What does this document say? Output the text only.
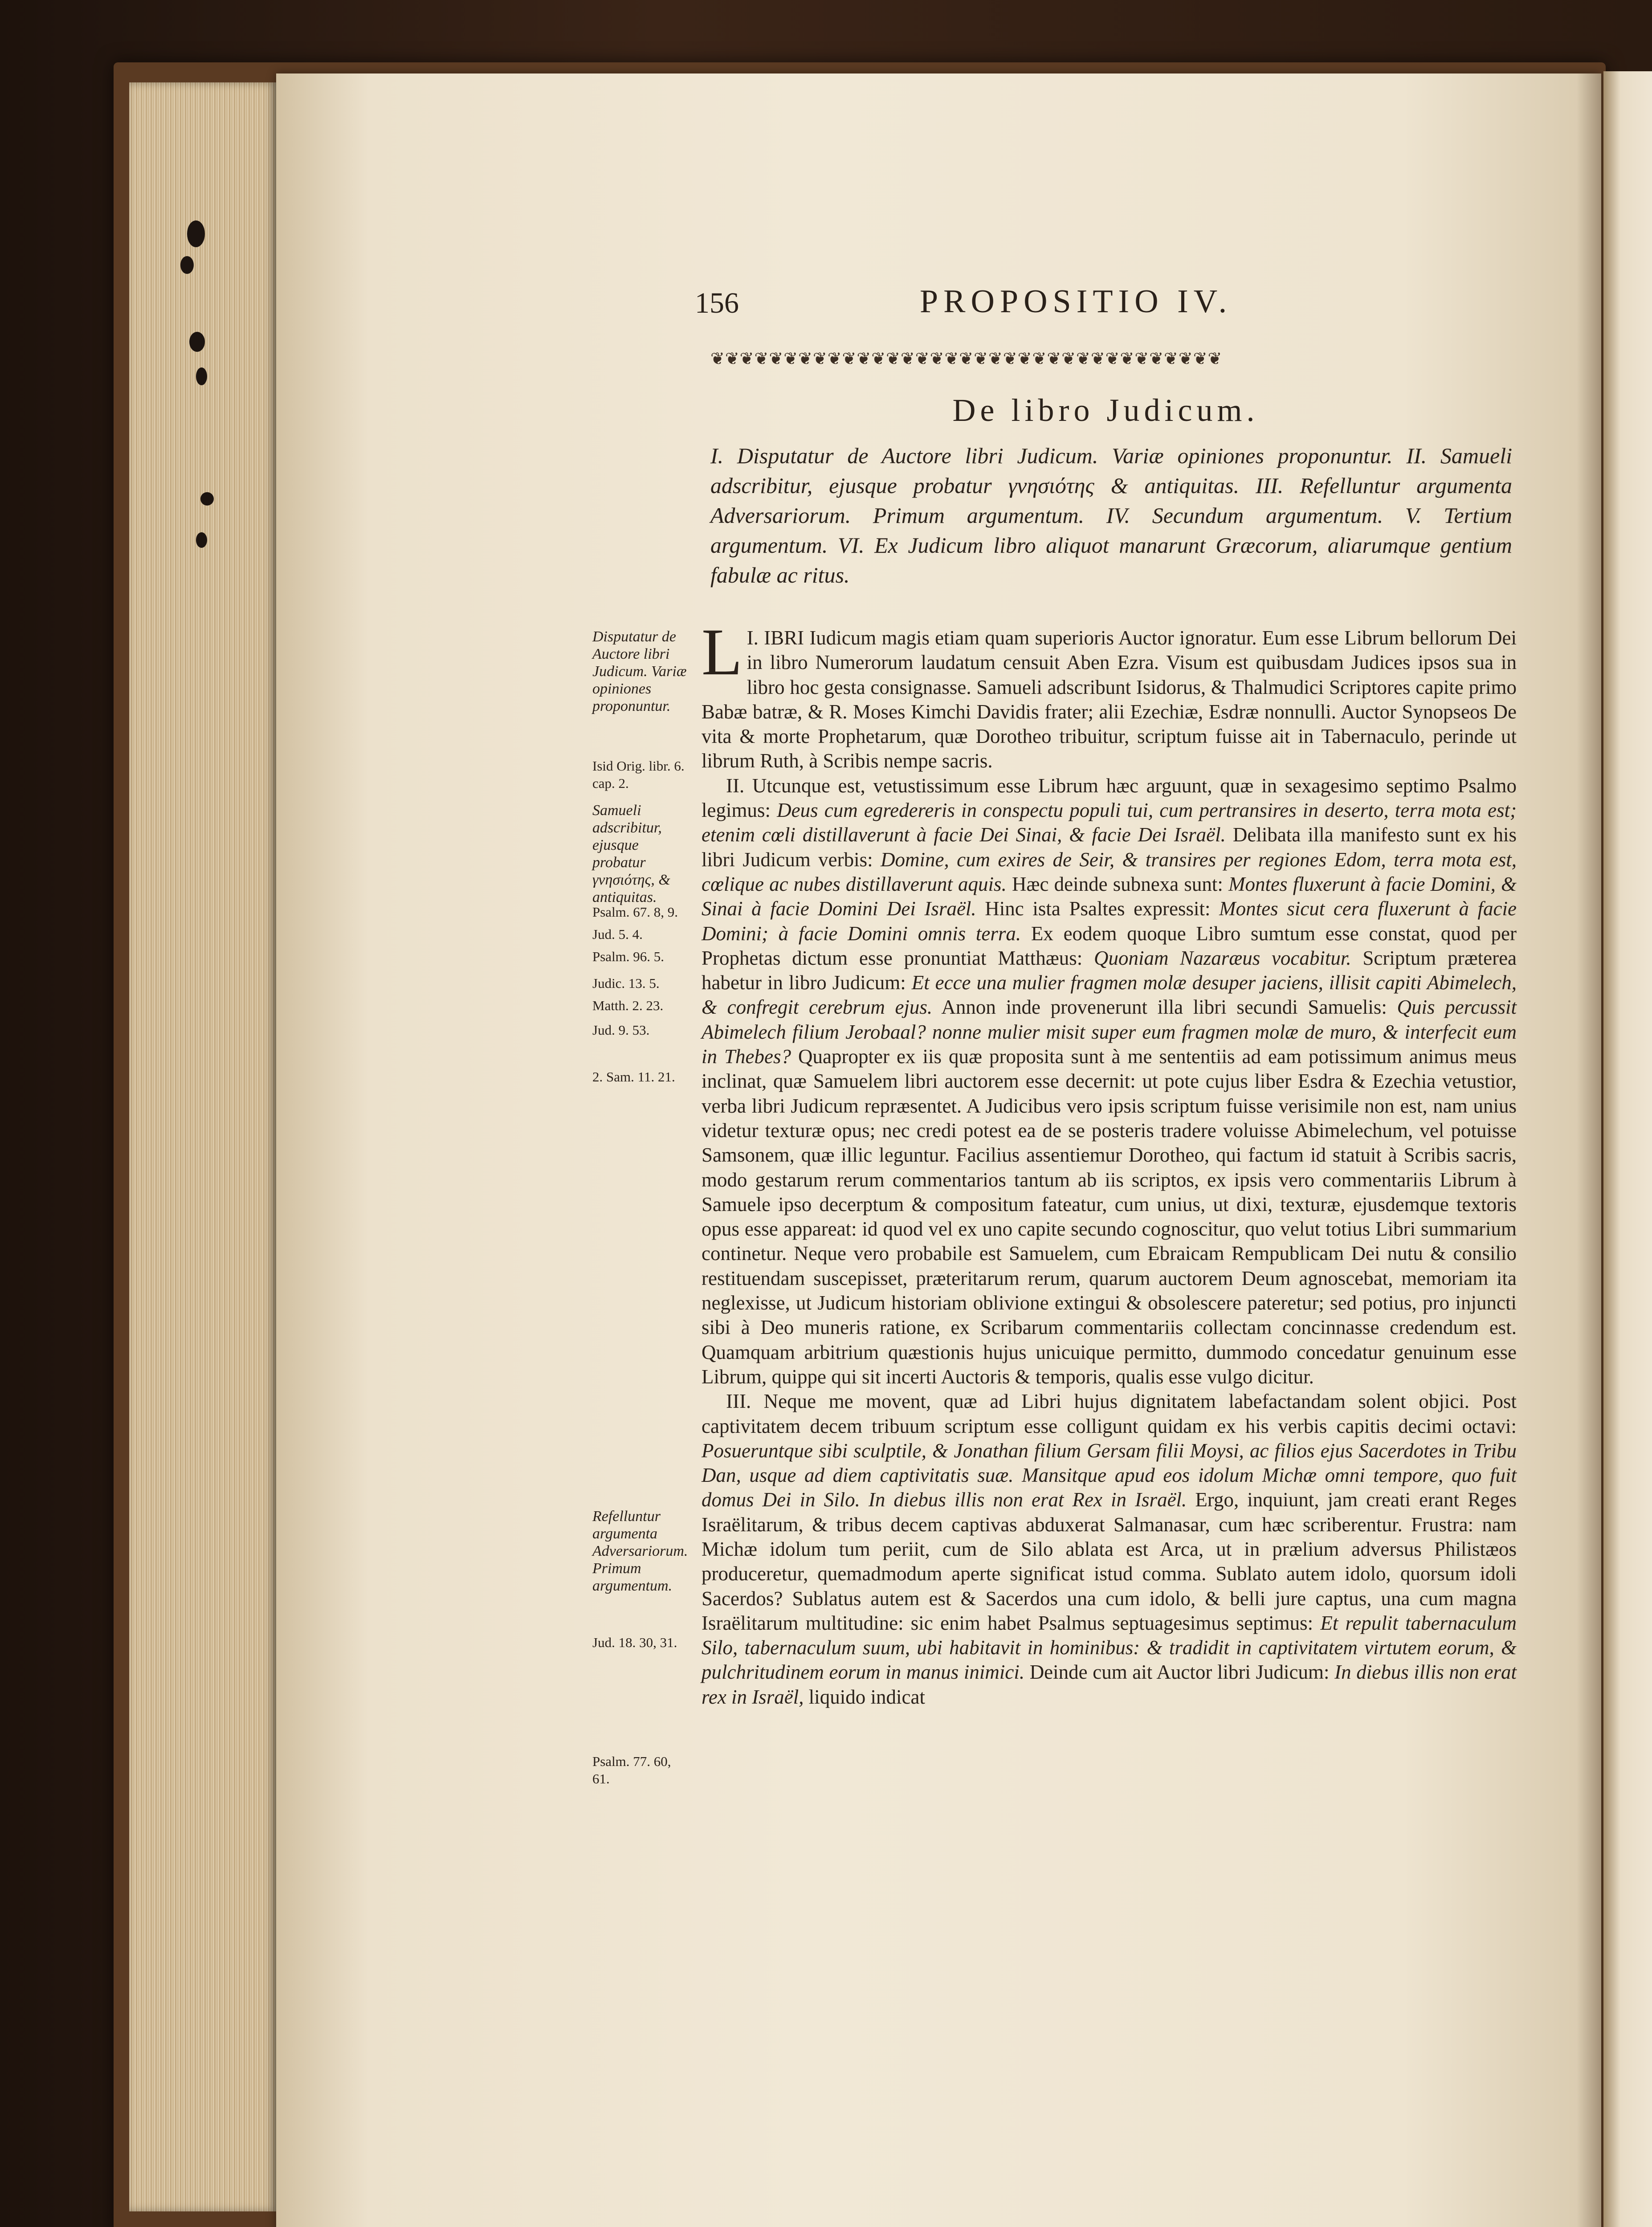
156	PROPOSITIO IV.
❦❦❦❦❦❦❦❦❦❦❦❦❦❦❦❦❦❦❦❦❦❦❦❦❦❦❦❦❦❦❦❦❦❦❦
De libro Judicum.
I. Disputatur de Auctore libri Judicum. Variæ opiniones proponuntur. II. Samueli adscribitur, ejusque probatur γνησιότης & antiquitas. III. Refelluntur argumenta Adversariorum. Primum argumentum. IV. Secundum argumentum. V. Tertium argumentum. VI. Ex Judicum libro aliquot manarunt Græcorum, aliarumque gentium fabulæ ac ritus.

I.
L IBRI Iudicum magis etiam quam superioris Auctor ignoratur. Eum esse Librum bellorum Dei in libro Numerorum laudatum censuit Aben Ezra. Visum est quibusdam Judices ipsos sua in libro hoc gesta consignasse. Samueli adscribunt Isidorus, & Thalmudici Scriptores capite primo Babæ batræ, & R. Moses Kimchi Davidis frater; alii Ezechiæ, Esdræ nonnulli. Auctor Synopseos De vita & morte Prophetarum, quæ Dorotheo tribuitur, scriptum fuisse ait in Tabernaculo, perinde ut librum Ruth, à Scribis nempe sacris.

II. Utcunque est, vetustissimum esse Librum hæc arguunt, quæ in sexagesimo septimo Psalmo legimus: Deus cum egredereris in conspectu populi tui, cum pertransires in deserto, terra mota est; etenim cœli distillaverunt à facie Dei Sinai, & facie Dei Israël. Delibata illa manifesto sunt ex his libri Judicum verbis: Domine, cum exires de Seir, & transires per regiones Edom, terra mota est, cœlique ac nubes distillaverunt aquis. Hæc deinde subnexa sunt: Montes fluxerunt à facie Domini, & Sinai à facie Domini Dei Israël. Hinc ista Psaltes expressit: Montes sicut cera fluxerunt à facie Domini; à facie Domini omnis terra. Ex eodem quoque Libro sumtum esse constat, quod per Prophetas dictum esse pronuntiat Matthæus: Quoniam Nazaræus vocabitur. Scriptum præterea habetur in libro Judicum: Et ecce una mulier fragmen molæ desuper jaciens, illisit capiti Abimelech, & confregit cerebrum ejus. Annon inde provenerunt illa libri secundi Samuelis: Quis percussit Abimelech filium Jerobaal? nonne mulier misit super eum fragmen molæ de muro, & interfecit eum in Thebes? Quapropter ex iis quæ proposita sunt à me sententiis ad eam potissimum animus meus inclinat, quæ Samuelem libri auctorem esse decernit: ut pote cujus liber Esdra & Ezechia vetustior, verba libri Judicum repræsentet. A Judicibus vero ipsis scriptum fuisse verisimile non est, nam unius videtur texturæ opus; nec credi potest ea de se posteris tradere voluisse Abimelechum, vel potuisse Samsonem, quæ illic leguntur. Facilius assentiemur Dorotheo, qui factum id statuit à Scribis sacris, modo gestarum rerum commentarios tantum ab iis scriptos, ex ipsis vero commentariis Librum à Samuele ipso decerptum & compositum fateatur, cum unius, ut dixi, texturæ, ejusdemque textoris opus esse appareat: id quod vel ex uno capite secundo cognoscitur, quo velut totius Libri summarium continetur. Neque vero probabile est Samuelem, cum Ebraicam Rempublicam Dei nutu & consilio restituendam suscepisset, præteritarum rerum, quarum auctorem Deum agnoscebat, memoriam ita neglexisse, ut Judicum historiam oblivione extingui & obsolescere pateretur; sed potius, pro injuncti sibi à Deo muneris ratione, ex Scribarum commentariis collectam concinnasse credendum est. Quamquam arbitrium quæstionis hujus unicuique permitto, dummodo concedatur genuinum esse Librum, quippe qui sit incerti Auctoris & temporis, qualis esse vulgo dicitur.

III. Neque me movent, quæ ad Libri hujus dignitatem labefactandam solent objici. Post captivitatem decem tribuum scriptum esse colligunt quidam ex his verbis capitis decimi octavi: Posueruntque sibi sculptile, & Jonathan filium Gersam filii Moysi, ac filios ejus Sacerdotes in Tribu Dan, usque ad diem captivitatis suæ. Mansitque apud eos idolum Michæ omni tempore, quo fuit domus Dei in Silo. In diebus illis non erat Rex in Israël. Ergo, inquiunt, jam creati erant Reges Israëlitarum, & tribus decem captivas abduxerat Salmanasar, cum hæc scriberentur. Frustra: nam Michæ idolum tum periit, cum de Silo ablata est Arca, ut in prælium adversus Philistæos produceretur, quemadmodum aperte significat istud comma. Sublato autem idolo, quorsum idoli Sacerdos? Sublatus autem est & Sacerdos una cum idolo, & belli jure captus, una cum magna Israëlitarum multitudine: sic enim habet Psalmus septuagesimus septimus: Et repulit tabernaculum Silo, tabernaculum suum, ubi habitavit in hominibus: & tradidit in captivitatem virtutem eorum, & pulchritudinem eorum in manus inimici. Deinde cum ait Auctor libri Judicum: In diebus illis non erat rex in Israël, liquido indicat

Disputatur de Auctore libri Judicum. Variæ opiniones proponuntur.
Isid Orig. libr. 6. cap. 2.
Samueli adscribitur, ejusque probatur γνησιότης, & antiquitas.
Psalm. 67. 8, 9.
Jud. 5. 4.
Psalm. 96. 5.
Judic. 13. 5.
Matth. 2. 23.
Jud. 9. 53.
2. Sam. 11. 21.
Refelluntur argumenta Adversariorum. Primum argumentum.
Jud. 18. 30, 31.
Psalm. 77. 60, 61.
